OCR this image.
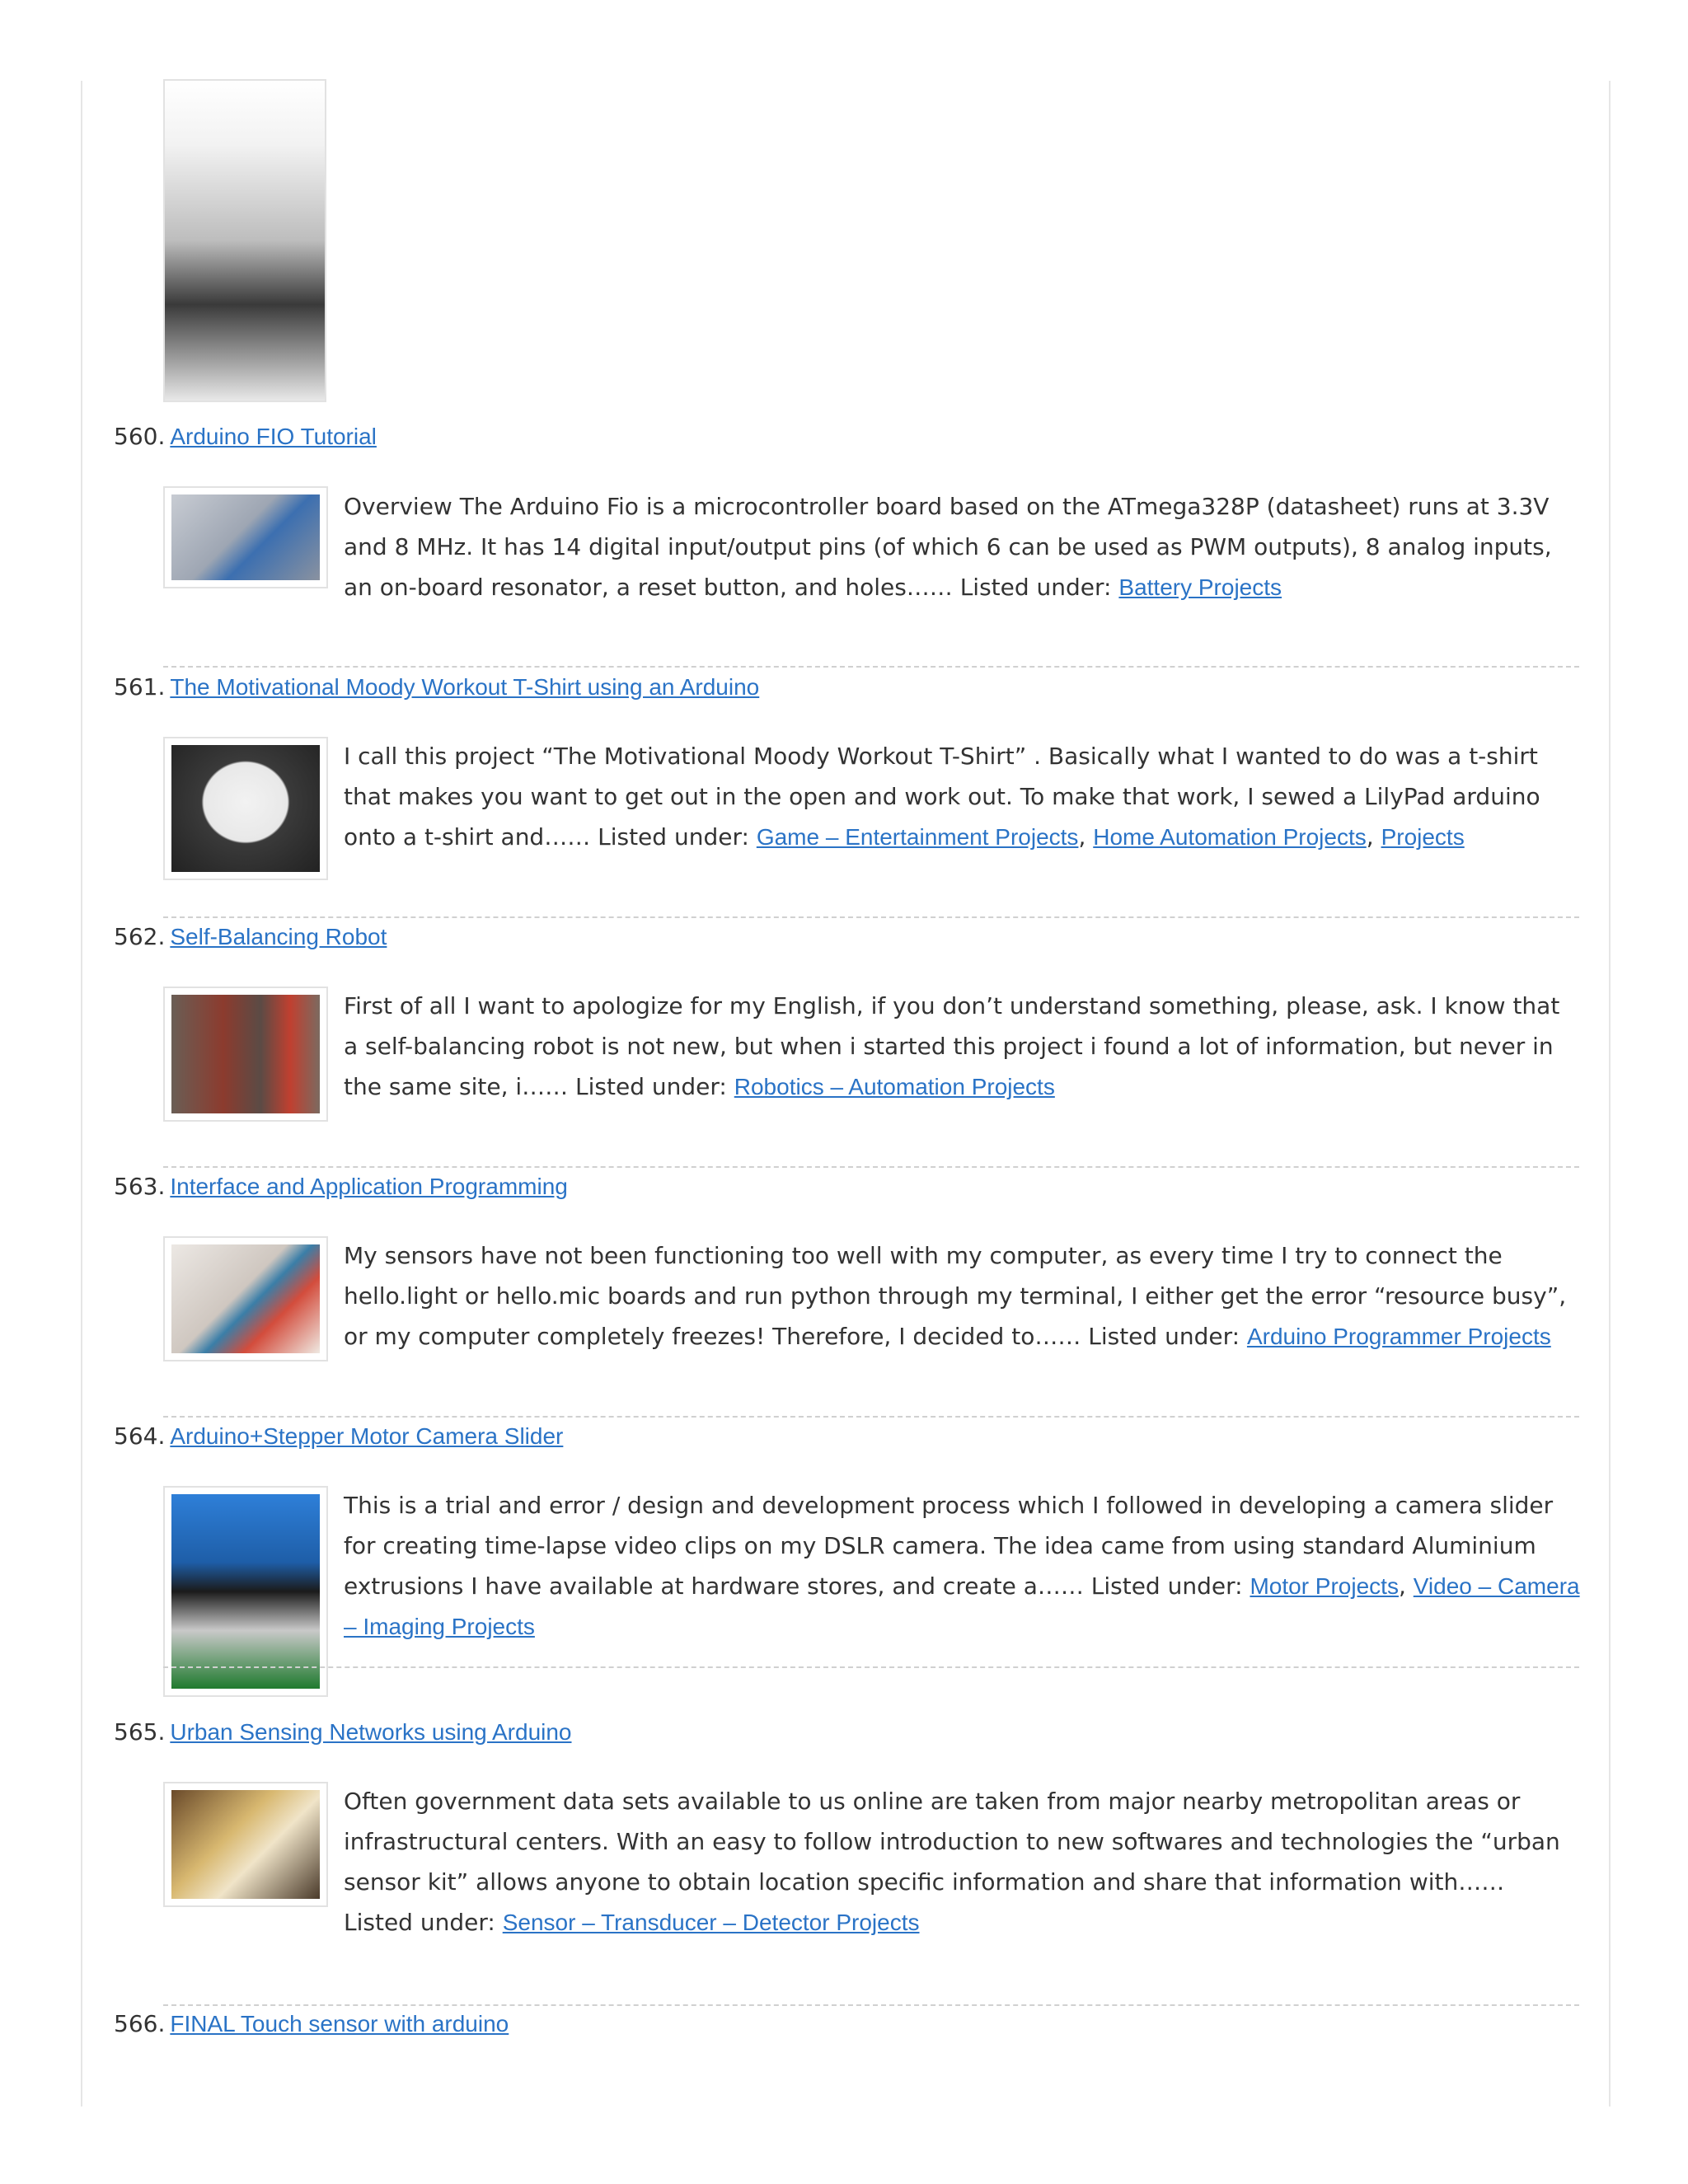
560. Arduino FIO Tutorial
Overview The Arduino Fio is a microcontroller board based on the ATmega328P (datasheet) runs at 3.3V and 8 MHz. It has 14 digital input/output pins (of which 6 can be used as PWM outputs), 8 analog inputs, an on-board resonator, a reset button, and holes…… Listed under: Battery Projects
561. The Motivational Moody Workout T-Shirt using an Arduino
I call this project “The Motivational Moody Workout T-Shirt” . Basically what I wanted to do was a t-shirt that makes you want to get out in the open and work out. To make that work, I sewed a LilyPad arduino onto a t-shirt and…… Listed under: Game – Entertainment Projects, Home Automation Projects, Projects
562. Self-Balancing Robot
First of all I want to apologize for my English, if you don’t understand something, please, ask. I know that a self-balancing robot is not new, but when i started this project i found a lot of information, but never in the same site, i…… Listed under: Robotics – Automation Projects
563. Interface and Application Programming
My sensors have not been functioning too well with my computer, as every time I try to connect the hello.light or hello.mic boards and run python through my terminal, I either get the error “resource busy”, or my computer completely freezes! Therefore, I decided to…… Listed under: Arduino Programmer Projects
564. Arduino+Stepper Motor Camera Slider
This is a trial and error / design and development process which I followed in developing a camera slider for creating time-lapse video clips on my DSLR camera. The idea came from using standard Aluminium extrusions I have available at hardware stores, and create a…… Listed under: Motor Projects, Video – Camera – Imaging Projects
565. Urban Sensing Networks using Arduino
Often government data sets available to us online are taken from major nearby metropolitan areas or infrastructural centers. With an easy to follow introduction to new softwares and technologies the “urban sensor kit” allows anyone to obtain location specific information and share that information with…… Listed under: Sensor – Transducer – Detector Projects
566. FINAL Touch sensor with arduino
